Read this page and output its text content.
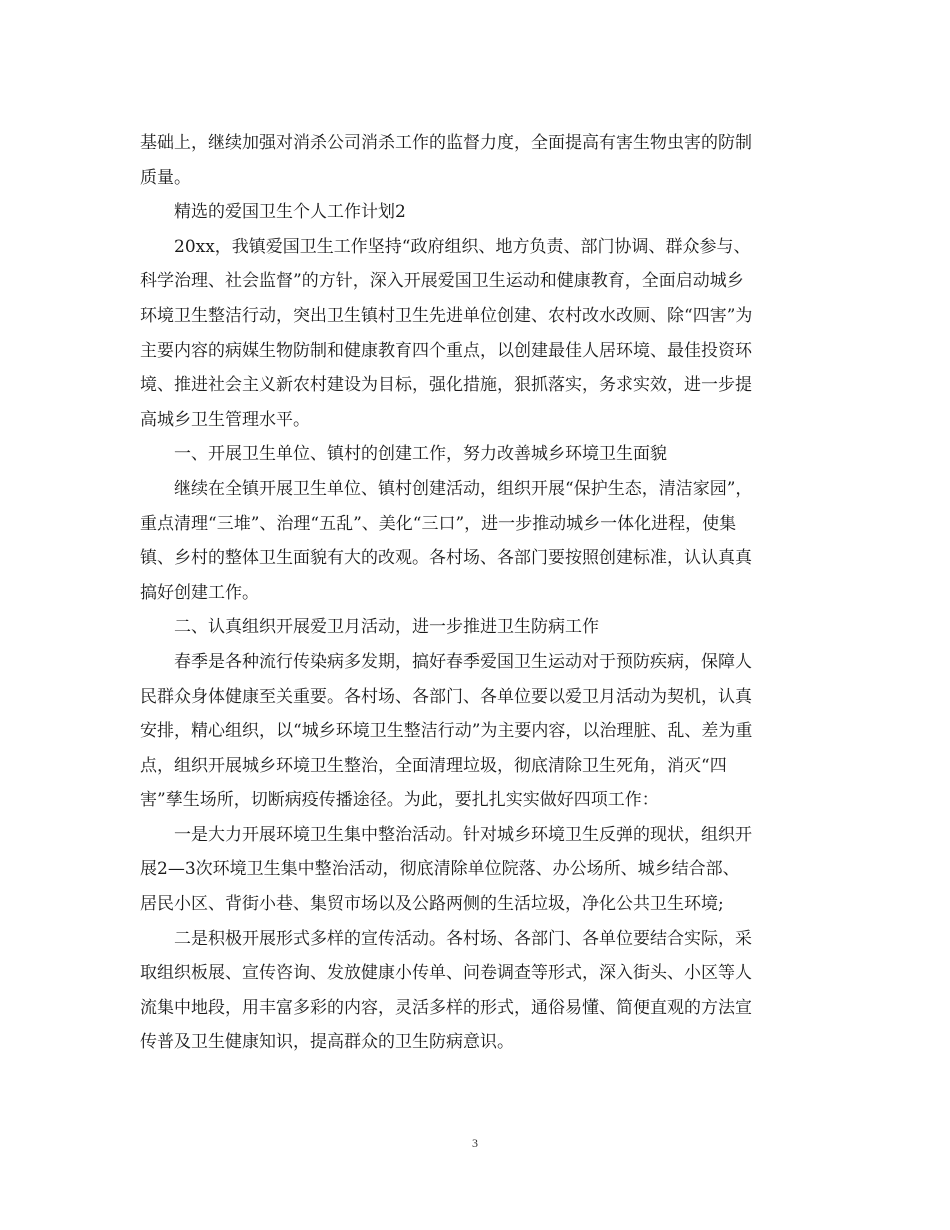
基础上，继续加强对消杀公司消杀工作的监督力度，全面提高有害生物虫害的防制
质量。
精选的爱国卫生个人工作计划2
20xx，我镇爱国卫生工作坚持“政府组织、地方负责、部门协调、群众参与、
科学治理、社会监督”的方针，深入开展爱国卫生运动和健康教育，全面启动城乡
环境卫生整洁行动，突出卫生镇村卫生先进单位创建、农村改水改厕、除“四害”为
主要内容的病媒生物防制和健康教育四个重点，以创建最佳人居环境、最佳投资环
境、推进社会主义新农村建设为目标，强化措施，狠抓落实，务求实效，进一步提
高城乡卫生管理水平。
一、开展卫生单位、镇村的创建工作，努力改善城乡环境卫生面貌
继续在全镇开展卫生单位、镇村创建活动，组织开展“保护生态，清洁家园”，
重点清理“三堆”、治理“五乱”、美化“三口”，进一步推动城乡一体化进程，使集
镇、乡村的整体卫生面貌有大的改观。各村场、各部门要按照创建标准，认认真真
搞好创建工作。
二、认真组织开展爱卫月活动，进一步推进卫生防病工作
春季是各种流行传染病多发期，搞好春季爱国卫生运动对于预防疾病，保障人
民群众身体健康至关重要。各村场、各部门、各单位要以爱卫月活动为契机，认真
安排，精心组织，以“城乡环境卫生整洁行动”为主要内容，以治理脏、乱、差为重
点，组织开展城乡环境卫生整治，全面清理垃圾，彻底清除卫生死角，消灭“四
害”孳生场所，切断病疫传播途径。为此，要扎扎实实做好四项工作：
一是大力开展环境卫生集中整治活动。针对城乡环境卫生反弹的现状，组织开
展2—3次环境卫生集中整治活动，彻底清除单位院落、办公场所、城乡结合部、
居民小区、背街小巷、集贸市场以及公路两侧的生活垃圾，净化公共卫生环境;
二是积极开展形式多样的宣传活动。各村场、各部门、各单位要结合实际，采
取组织板展、宣传咨询、发放健康小传单、问卷调查等形式，深入街头、小区等人
流集中地段，用丰富多彩的内容，灵活多样的形式，通俗易懂、简便直观的方法宣
传普及卫生健康知识，提高群众的卫生防病意识。
3
